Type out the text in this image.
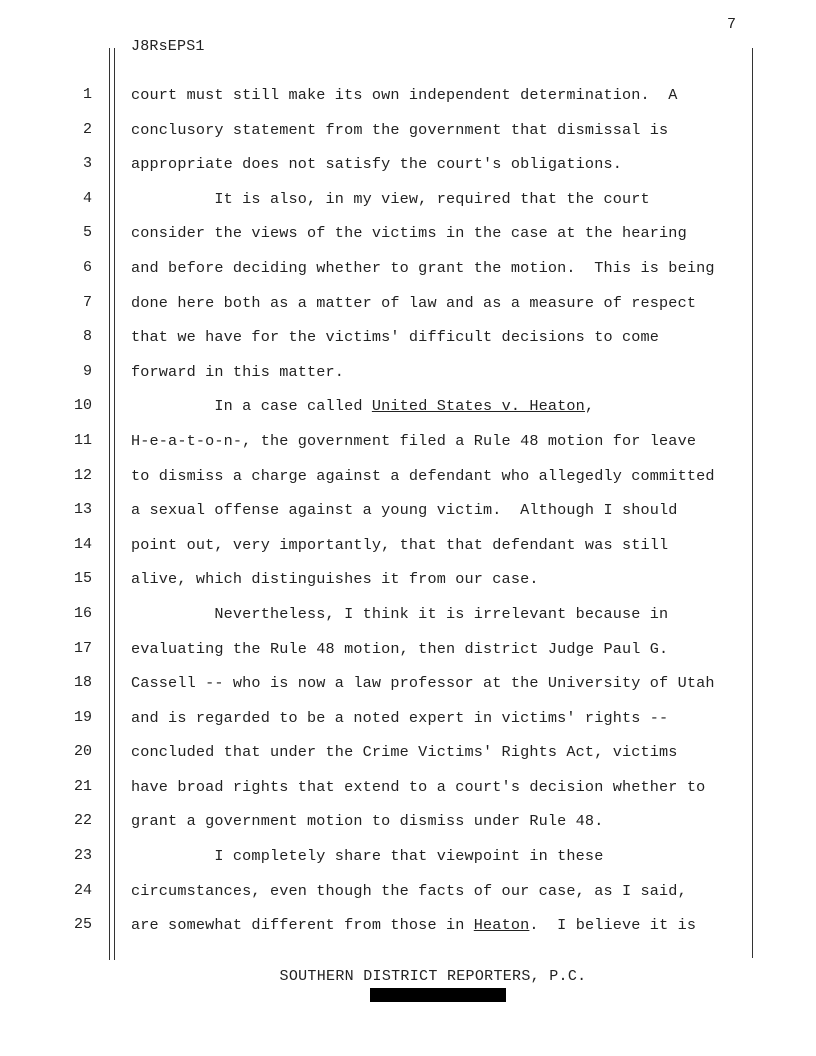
7
J8RsEPS1
1	court must still make its own independent determination.  A
2	conclusory statement from the government that dismissal is
3	appropriate does not satisfy the court's obligations.
4	It is also, in my view, required that the court
5	consider the views of the victims in the case at the hearing
6	and before deciding whether to grant the motion.  This is being
7	done here both as a matter of law and as a measure of respect
8	that we have for the victims' difficult decisions to come
9	forward in this matter.
10	In a case called United States v. Heaton,
11	H-e-a-t-o-n-, the government filed a Rule 48 motion for leave
12	to dismiss a charge against a defendant who allegedly committed
13	a sexual offense against a young victim.  Although I should
14	point out, very importantly, that that defendant was still
15	alive, which distinguishes it from our case.
16	Nevertheless, I think it is irrelevant because in
17	evaluating the Rule 48 motion, then district Judge Paul G.
18	Cassell -- who is now a law professor at the University of Utah
19	and is regarded to be a noted expert in victims' rights --
20	concluded that under the Crime Victims' Rights Act, victims
21	have broad rights that extend to a court's decision whether to
22	grant a government motion to dismiss under Rule 48.
23	I completely share that viewpoint in these
24	circumstances, even though the facts of our case, as I said,
25	are somewhat different from those in Heaton.  I believe it is
SOUTHERN DISTRICT REPORTERS, P.C.
